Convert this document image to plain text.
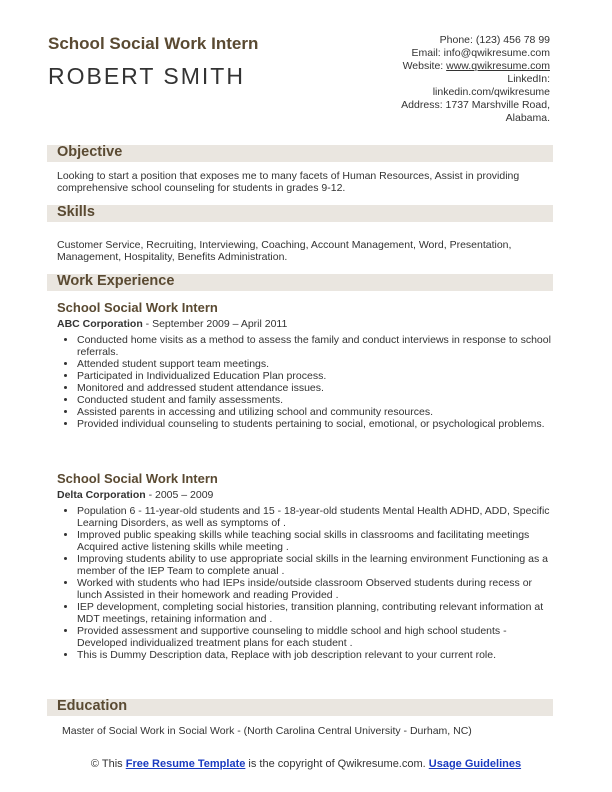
School Social Work Intern
ROBERT SMITH
Phone: (123) 456 78 99
Email: info@qwikresume.com
Website: www.qwikresume.com
LinkedIn:
linkedin.com/qwikresume
Address: 1737 Marshville Road,
Alabama.
Objective
Looking to start a position that exposes me to many facets of Human Resources, Assist in providing comprehensive school counseling for students in grades 9-12.
Skills
Customer Service, Recruiting, Interviewing, Coaching, Account Management, Word, Presentation, Management, Hospitality, Benefits Administration.
Work Experience
School Social Work Intern
ABC Corporation - September 2009 – April 2011
• Conducted home visits as a method to assess the family and conduct interviews in response to school referrals.
• Attended student support team meetings.
• Participated in Individualized Education Plan process.
• Monitored and addressed student attendance issues.
• Conducted student and family assessments.
• Assisted parents in accessing and utilizing school and community resources.
• Provided individual counseling to students pertaining to social, emotional, or psychological problems.
School Social Work Intern
Delta Corporation - 2005 – 2009
• Population 6 - 11-year-old students and 15 - 18-year-old students Mental Health ADHD, ADD, Specific Learning Disorders, as well as symptoms of .
• Improved public speaking skills while teaching social skills in classrooms and facilitating meetings Acquired active listening skills while meeting .
• Improving students ability to use appropriate social skills in the learning environment Functioning as a member of the IEP Team to complete anual .
• Worked with students who had IEPs inside/outside classroom Observed students during recess or lunch Assisted in their homework and reading Provided .
• IEP development, completing social histories, transition planning, contributing relevant information at MDT meetings, retaining information and .
• Provided assessment and supportive counseling to middle school and high school students - Developed individualized treatment plans for each student .
• This is Dummy Description data, Replace with job description relevant to your current role.
Education
Master of Social Work in Social Work - (North Carolina Central University - Durham, NC)
© This Free Resume Template is the copyright of Qwikresume.com. Usage Guidelines
